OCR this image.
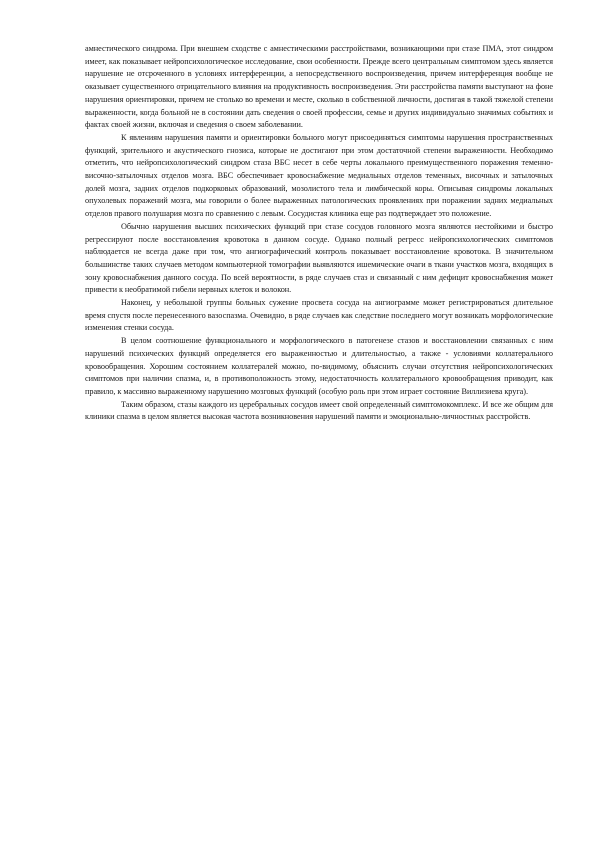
амнестического синдрома. При внешнем сходстве с амнестическими расстройствами, возникающими при стазе ПМА, этот синдром имеет, как показывает нейропсихологическое исследование, свои особенности. Прежде всего центральным симптомом здесь является нарушение не отсроченного в условиях интерференции, а непосредственного воспроизведения, причем интерференция вообще не оказывает существенного отрицательного влияния на продуктивность воспроизведения. Эти расстройства памяти выступают на фоне нарушения ориентировки, причем не столько во времени и месте, сколько в собственной личности, достигая в такой тяжелой степени выраженности, когда больной не в состоянии дать сведения о своей профессии, семье и других индивидуально значимых событиях и фактах своей жизни, включая и сведения о своем заболевании.

К явлениям нарушения памяти и ориентировки больного могут присоединяться симптомы нарушения пространственных функций, зрительного и акустического гнозиса, которые не достигают при этом достаточной степени выраженности. Необходимо отметить, что нейропсихологический синдром стаза ВБС несет в себе черты локального преимущественного поражения теменно-височно-затылочных отделов мозга. ВБС обеспечивает кровоснабжение медиальных отделов теменных, височных и затылочных долей мозга, задних отделов подкорковых образований, мозолистого тела и лимбической коры. Описывая синдромы локальных опухолевых поражений мозга, мы говорили о более выраженных патологических проявлениях при поражении задних медиальных отделов правого полушария мозга по сравнению с левым. Сосудистая клиника еще раз подтверждает это положение.

Обычно нарушения высших психических функций при стазе сосудов головного мозга являются нестойкими и быстро регрессируют после восстановления кровотока в данном сосуде. Однако полный регресс нейропсихологических симптомов наблюдается не всегда даже при том, что ангиографический контроль показывает восстановление кровотока. В значительном большинстве таких случаев методом компьютерной томографии выявляются ишемические очаги в ткани участков мозга, входящих в зону кровоснабжения данного сосуда. По всей вероятности, в ряде случаев стаз и связанный с ним дефицит кровоснабжения может привести к необратимой гибели нервных клеток и волокон.

Наконец, у небольшой группы больных сужение просвета сосуда на ангиограмме может регистрироваться длительное время спустя после перенесенного вазоспазма. Очевидно, в ряде случаев как следствие последнего могут возникать морфологические изменения стенки сосуда.

В целом соотношение функционального и морфологического в патогенезе стазов и восстановлении связанных с ним нарушений психических функций определяется его выраженностью и длительностью, а также - условиями коллатерального кровообращения. Хорошим состоянием коллатералей можно, по-видимому, объяснить случаи отсутствия нейропсихологических симптомов при наличии спазма, и, в противоположность этому, недостаточность коллатерального кровообращения приводит, как правило, к массивно выраженному нарушению мозговых функций (особую роль при этом играет состояние Виллизиева круга).

Таким образом, стазы каждого из церебральных сосудов имеет свой определенный симптомокомплекс. И все же общим для клиники спазма в целом является высокая частота возникновения нарушений памяти и эмоционально-личностных расстройств.
